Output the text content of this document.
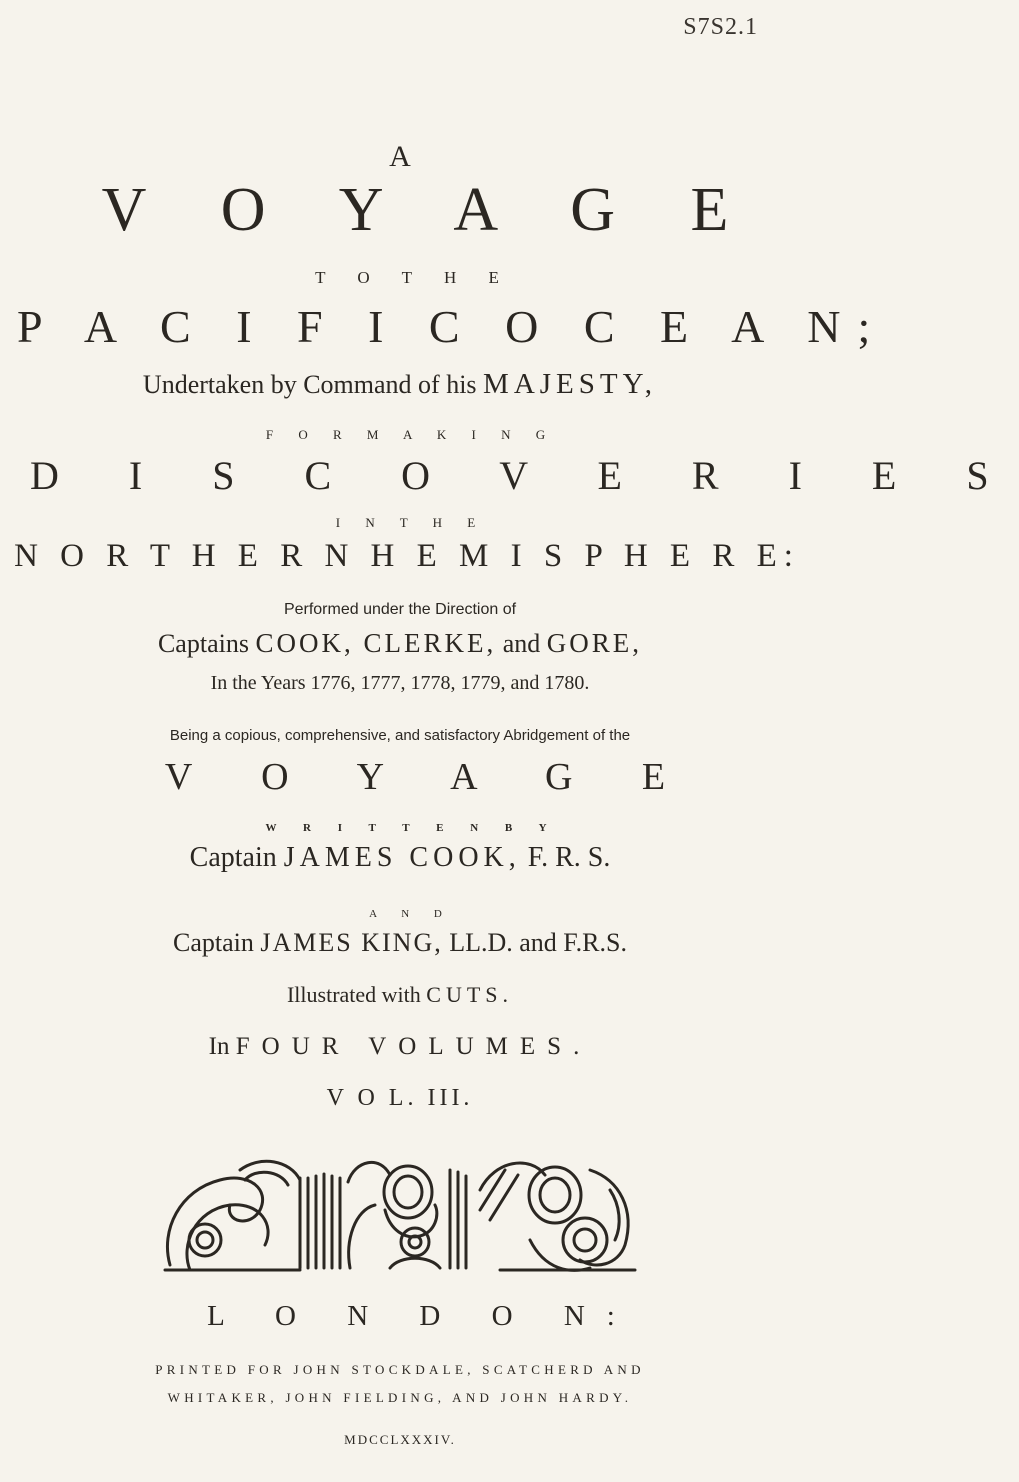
S7S2.1
A
V O Y A G E
T O T H E
P A C I F I C O C E A N;
Undertaken by Command of his MAJESTY,
F O R M A K I N G
D I S C O V E R I E S
I N T H E
N O R T H E R N H E M I S P H E R E:
Performed under the Direction of
Captains COOK, CLERKE, and GORE,
In the Years 1776, 1777, 1778, 1779, and 1780.
Being a copious, comprehensive, and satisfactory Abridgement of the
V O Y A G E
W R I T T E N B Y
Captain JAMES COOK, F. R. S.
A N D
Captain JAMES KING, LL.D. and F.R.S.
Illustrated with CUTS.
In FOUR VOLUMES.
V O L. III.
L O N D O N:
PRINTED FOR JOHN STOCKDALE, SCATCHERD AND
WHITAKER, JOHN FIELDING, AND JOHN HARDY.
MDCCLXXXIV.
